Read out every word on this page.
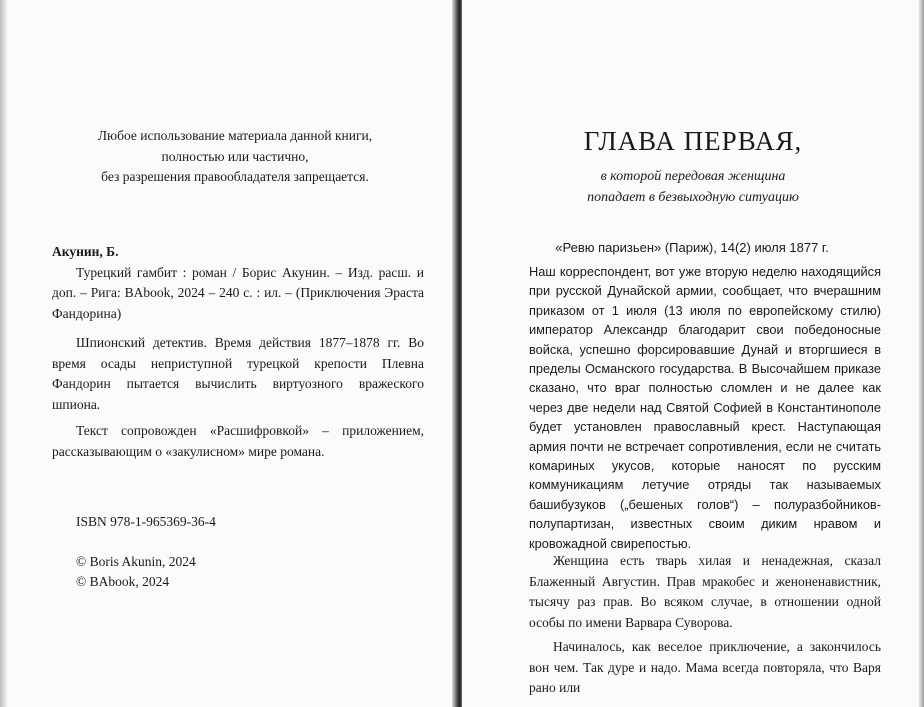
Любое использование материала данной книги,

полностью или частично,

без разрешения правообладателя запрещается.

Акунин, Б.

Турецкий гамбит : роман / Борис Акунин. – Изд. расш. и доп. – Рига: BAbook, 2024 – 240 с. : ил. – (Приключения Эраста Фандорина)

Шпионский детектив. Время действия 1877–1878 гг. Во время осады неприступной турецкой крепости Плевна Фандорин пытается вычислить виртуозного вражеского шпиона.

Текст сопровожден «Расшифровкой» – приложением, рассказывающим о «закулисном» мире романа.

ISBN 978-1-965369-36-4

© Boris Akunin, 2024

© BAbook, 2024

ГЛАВА ПЕРВАЯ,

в которой передовая женщина

попадает в безвыходную ситуацию

«Ревю паризьен» (Париж), 14(2) июля 1877 г.

Наш корреспондент, вот уже вторую неделю находящийся при русской Дунайской армии, сообщает, что вчерашним приказом от 1 июля (13 июля по европейскому стилю) император Александр благодарит свои победоносные войска, успешно форсировавшие Дунай и вторгшиеся в пределы Османского государства. В Высочайшем приказе сказано, что враг полностью сломлен и не далее как через две недели над Святой Софией в Константинополе будет установлен православный крест. Наступающая армия почти не встречает сопротивления, если не считать комариных укусов, которые наносят по русским коммуникациям летучие отряды так называемых башибузуков („бешеных голов“) – полуразбойников-полупартизан, известных своим диким нравом и кровожадной свирепостью.

Женщина есть тварь хилая и ненадежная, сказал Блаженный Августин. Прав мракобес и женоненавистник, тысячу раз прав. Во всяком случае, в отношении одной особы по имени Варвара Суворова.

Начиналось, как веселое приключение, а закончилось вон чем. Так дуре и надо. Мама всегда повторяла, что Варя рано или
